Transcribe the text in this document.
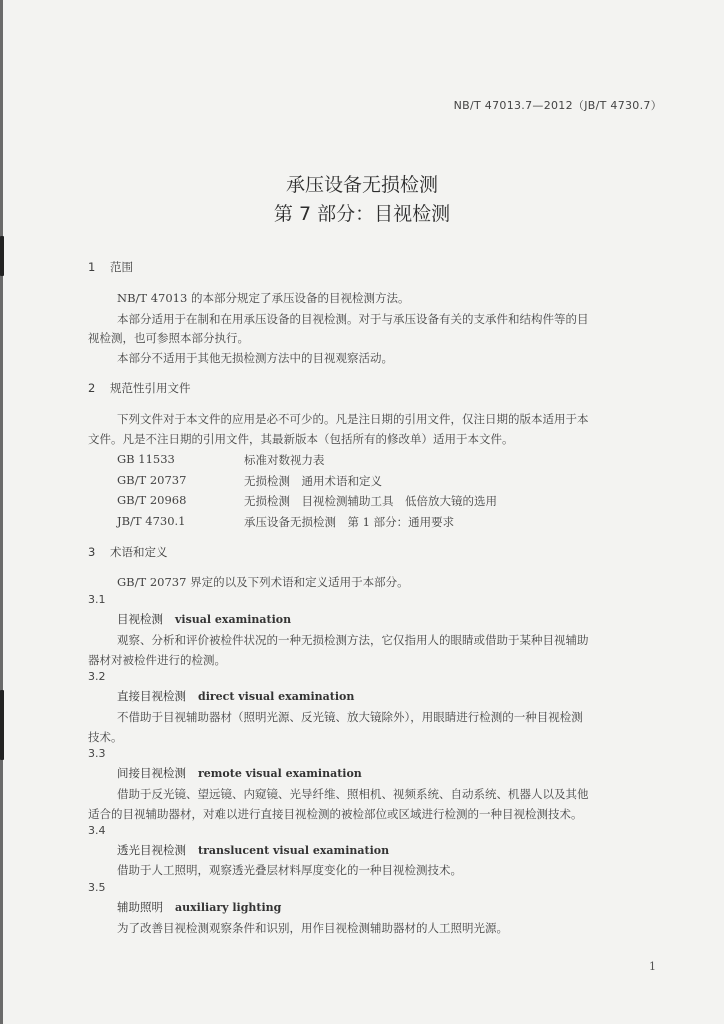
NB/T 47013.7—2012（JB/T 4730.7）
承压设备无损检测
第 7 部分：目视检测
1 范围
NB/T 47013 的本部分规定了承压设备的目视检测方法。
本部分适用于在制和在用承压设备的目视检测。对于与承压设备有关的支承件和结构件等的目
视检测，也可参照本部分执行。
本部分不适用于其他无损检测方法中的目视观察活动。
2 规范性引用文件
下列文件对于本文件的应用是必不可少的。凡是注日期的引用文件，仅注日期的版本适用于本
文件。凡是不注日期的引用文件，其最新版本（包括所有的修改单）适用于本文件。
GB 11533	标准对数视力表
GB/T 20737	无损检测　通用术语和定义
GB/T 20968	无损检测　目视检测辅助工具　低倍放大镜的选用
JB/T 4730.1	承压设备无损检测　第 1 部分：通用要求
3 术语和定义
GB/T 20737 界定的以及下列术语和定义适用于本部分。
3.1
目视检测 visual examination
观察、分析和评价被检件状况的一种无损检测方法，它仅指用人的眼睛或借助于某种目视辅助
器材对被检件进行的检测。
3.2
直接目视检测 direct visual examination
不借助于目视辅助器材（照明光源、反光镜、放大镜除外），用眼睛进行检测的一种目视检测
技术。
3.3
间接目视检测 remote visual examination
借助于反光镜、望远镜、内窥镜、光导纤维、照相机、视频系统、自动系统、机器人以及其他
适合的目视辅助器材，对难以进行直接目视检测的被检部位或区域进行检测的一种目视检测技术。
3.4
透光目视检测 translucent visual examination
借助于人工照明，观察透光叠层材料厚度变化的一种目视检测技术。
3.5
辅助照明 auxiliary lighting
为了改善目视检测观察条件和识别，用作目视检测辅助器材的人工照明光源。
1
